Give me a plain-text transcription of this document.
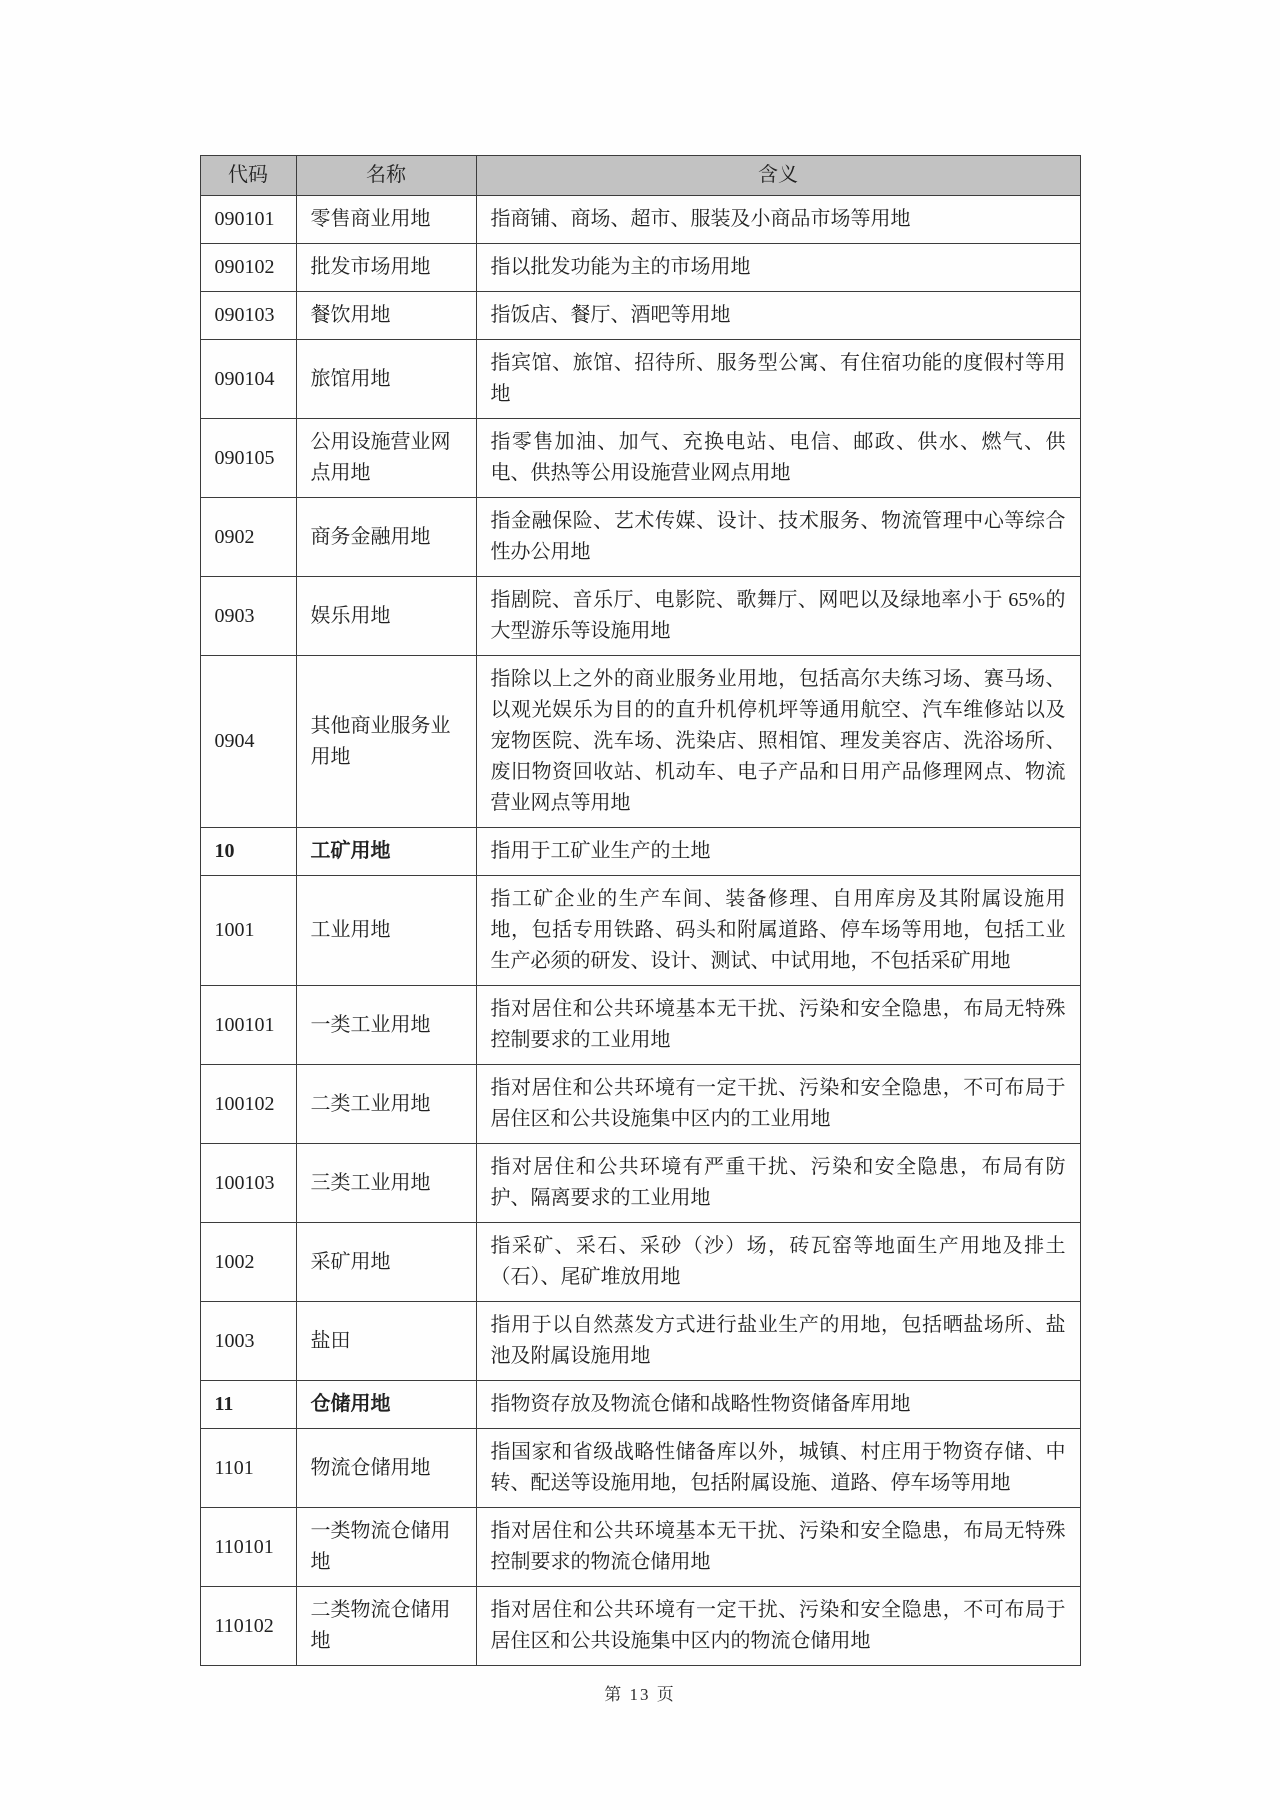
代码	名称	含义
090101	零售商业用地	指商铺、商场、超市、服装及小商品市场等用地
090102	批发市场用地	指以批发功能为主的市场用地
090103	餐饮用地	指饭店、餐厅、酒吧等用地
090104	旅馆用地	指宾馆、旅馆、招待所、服务型公寓、有住宿功能的度假村等用地
090105	公用设施营业网点用地	指零售加油、加气、充换电站、电信、邮政、供水、燃气、供电、供热等公用设施营业网点用地
0902	商务金融用地	指金融保险、艺术传媒、设计、技术服务、物流管理中心等综合性办公用地
0903	娱乐用地	指剧院、音乐厅、电影院、歌舞厅、网吧以及绿地率小于 65%的大型游乐等设施用地
0904	其他商业服务业用地	指除以上之外的商业服务业用地，包括高尔夫练习场、赛马场、以观光娱乐为目的的直升机停机坪等通用航空、汽车维修站以及宠物医院、洗车场、洗染店、照相馆、理发美容店、洗浴场所、废旧物资回收站、机动车、电子产品和日用产品修理网点、物流营业网点等用地
10	工矿用地	指用于工矿业生产的土地
1001	工业用地	指工矿企业的生产车间、装备修理、自用库房及其附属设施用地，包括专用铁路、码头和附属道路、停车场等用地，包括工业生产必须的研发、设计、测试、中试用地，不包括采矿用地
100101	一类工业用地	指对居住和公共环境基本无干扰、污染和安全隐患，布局无特殊控制要求的工业用地
100102	二类工业用地	指对居住和公共环境有一定干扰、污染和安全隐患，不可布局于居住区和公共设施集中区内的工业用地
100103	三类工业用地	指对居住和公共环境有严重干扰、污染和安全隐患，布局有防护、隔离要求的工业用地
1002	采矿用地	指采矿、采石、采砂（沙）场，砖瓦窑等地面生产用地及排土（石）、尾矿堆放用地
1003	盐田	指用于以自然蒸发方式进行盐业生产的用地，包括晒盐场所、盐池及附属设施用地
11	仓储用地	指物资存放及物流仓储和战略性物资储备库用地
1101	物流仓储用地	指国家和省级战略性储备库以外，城镇、村庄用于物资存储、中转、配送等设施用地，包括附属设施、道路、停车场等用地
110101	一类物流仓储用地	指对居住和公共环境基本无干扰、污染和安全隐患，布局无特殊控制要求的物流仓储用地
110102	二类物流仓储用地	指对居住和公共环境有一定干扰、污染和安全隐患，不可布局于居住区和公共设施集中区内的物流仓储用地
第 13 页
